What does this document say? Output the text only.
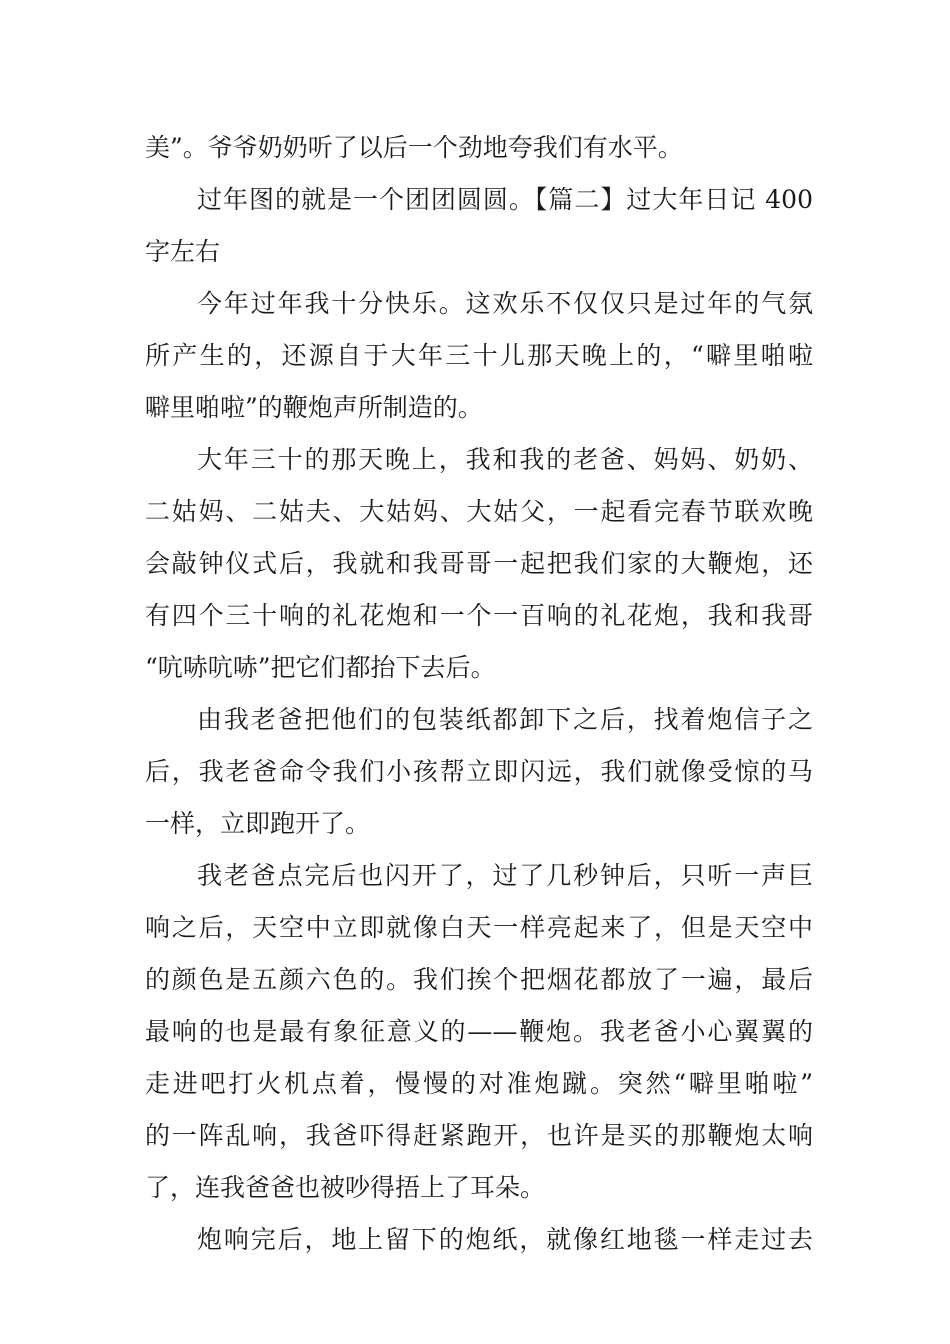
美”。爷爷奶奶听了以后一个劲地夸我们有水平。
过年图的就是一个团团圆圆。【篇二】过大年日记 400
字左右
今年过年我十分快乐。这欢乐不仅仅只是过年的气氛
所产生的，还源自于大年三十儿那天晚上的，“噼里啪啦
噼里啪啦”的鞭炮声所制造的。
大年三十的那天晚上，我和我的老爸、妈妈、奶奶、
二姑妈、二姑夫、大姑妈、大姑父，一起看完春节联欢晚
会敲钟仪式后，我就和我哥哥一起把我们家的大鞭炮，还
有四个三十响的礼花炮和一个一百响的礼花炮，我和我哥
“吭哧吭哧”把它们都抬下去后。
由我老爸把他们的包装纸都卸下之后，找着炮信子之
后，我老爸命令我们小孩帮立即闪远，我们就像受惊的马
一样，立即跑开了。
我老爸点完后也闪开了，过了几秒钟后，只听一声巨
响之后，天空中立即就像白天一样亮起来了，但是天空中
的颜色是五颜六色的。我们挨个把烟花都放了一遍，最后
最响的也是最有象征意义的——鞭炮。我老爸小心翼翼的
走进吧打火机点着，慢慢的对准炮蹴。突然“噼里啪啦”
的一阵乱响，我爸吓得赶紧跑开，也许是买的那鞭炮太响
了，连我爸爸也被吵得捂上了耳朵。
炮响完后，地上留下的炮纸，就像红地毯一样走过去
